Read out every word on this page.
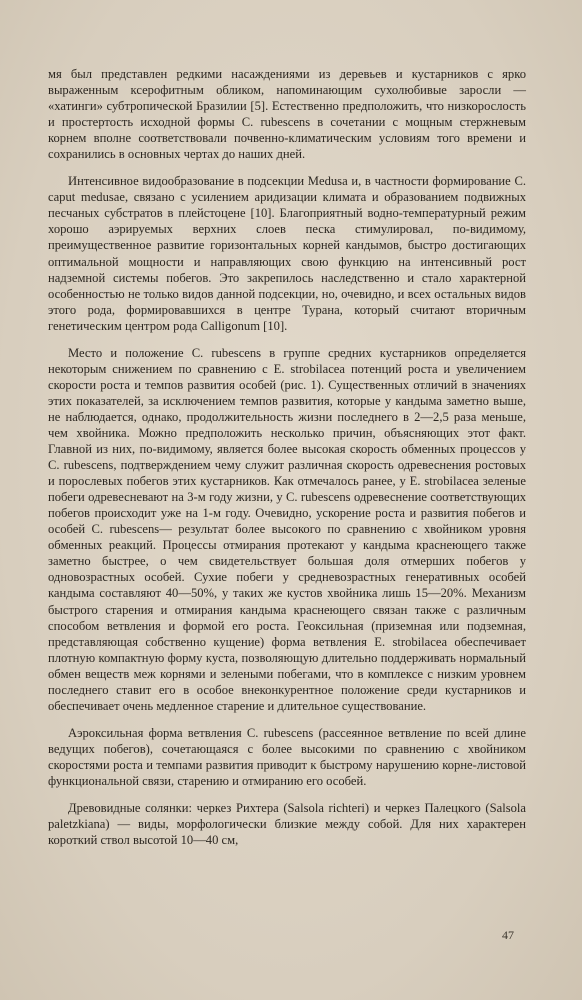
мя был представлен редкими насаждениями из деревьев и кустарников с ярко выраженным ксерофитным обликом, напоминающим сухолюбивые заросли — «хатинги» субтропической Бразилии [5]. Естественно предположить, что низкорослость и простертость исходной формы C. rubescens в сочетании с мощным стержневым корнем вполне соответствовали почвенно-климатическим условиям того времени и сохранились в основных чертах до наших дней.

Интенсивное видообразование в подсекции Medusa и, в частности формирование C. caput medusae, связано с усилением аридизации климата и образованием подвижных песчаных субстратов в плейстоцене [10]. Благоприятный водно-температурный режим хорошо аэрируемых верхних слоев песка стимулировал, по-видимому, преимущественное развитие горизонтальных корней кандымов, быстро достигающих оптимальной мощности и направляющих свою функцию на интенсивный рост надземной системы побегов. Это закрепилось наследственно и стало характерной особенностью не только видов данной подсекции, но, очевидно, и всех остальных видов этого рода, формировавшихся в центре Турана, который считают вторичным генетическим центром рода Calligonum [10].

Место и положение C. rubescens в группе средних кустарников определяется некоторым снижением по сравнению с E. strobilacea потенций роста и увеличением скорости роста и темпов развития особей (рис. 1). Существенных отличий в значениях этих показателей, за исключением темпов развития, которые у кандыма заметно выше, не наблюдается, однако, продолжительность жизни последнего в 2—2,5 раза меньше, чем хвойника. Можно предположить несколько причин, объясняющих этот факт. Главной из них, по-видимому, является более высокая скорость обменных процессов у C. rubescens, подтверждением чему служит различная скорость одревеснения ростовых и порослевых побегов этих кустарников. Как отмечалось ранее, у E. strobilacea зеленые побеги одревесневают на 3-м году жизни, у C. rubescens одревеснение соответствующих побегов происходит уже на 1-м году. Очевидно, ускорение роста и развития побегов и особей C. rubescens— результат более высокого по сравнению с хвойником уровня обменных реакций. Процессы отмирания протекают у кандыма краснеющего также заметно быстрее, о чем свидетельствует большая доля отмерших побегов у одновозрастных особей. Сухие побеги у средневозрастных генеративных особей кандыма составляют 40—50%, у таких же кустов хвойника лишь 15—20%. Механизм быстрого старения и отмирания кандыма краснеющего связан также с различным способом ветвления и формой его роста. Геоксильная (приземная или подземная, представляющая собственно кущение) форма ветвления E. strobilacea обеспечивает плотную компактную форму куста, позволяющую длительно поддерживать нормальный обмен веществ меж корнями и зелеными побегами, что в комплексе с низким уровнем последнего ставит его в особое внеконкурентное положение среди кустарников и обеспечивает очень медленное старение и длительное существование.

Аэроксильная форма ветвления C. rubescens (рассеянное ветвление по всей длине ведущих побегов), сочетающаяся с более высокими по сравнению с хвойником скоростями роста и темпами развития приводит к быстрому нарушению корне-листовой функциональной связи, старению и отмиранию его особей.

Древовидные солянки: черкез Рихтера (Salsola richteri) и черкез Палецкого (Salsola paletzkiana) — виды, морфологически близкие между собой. Для них характерен короткий ствол высотой 10—40 см,

47
